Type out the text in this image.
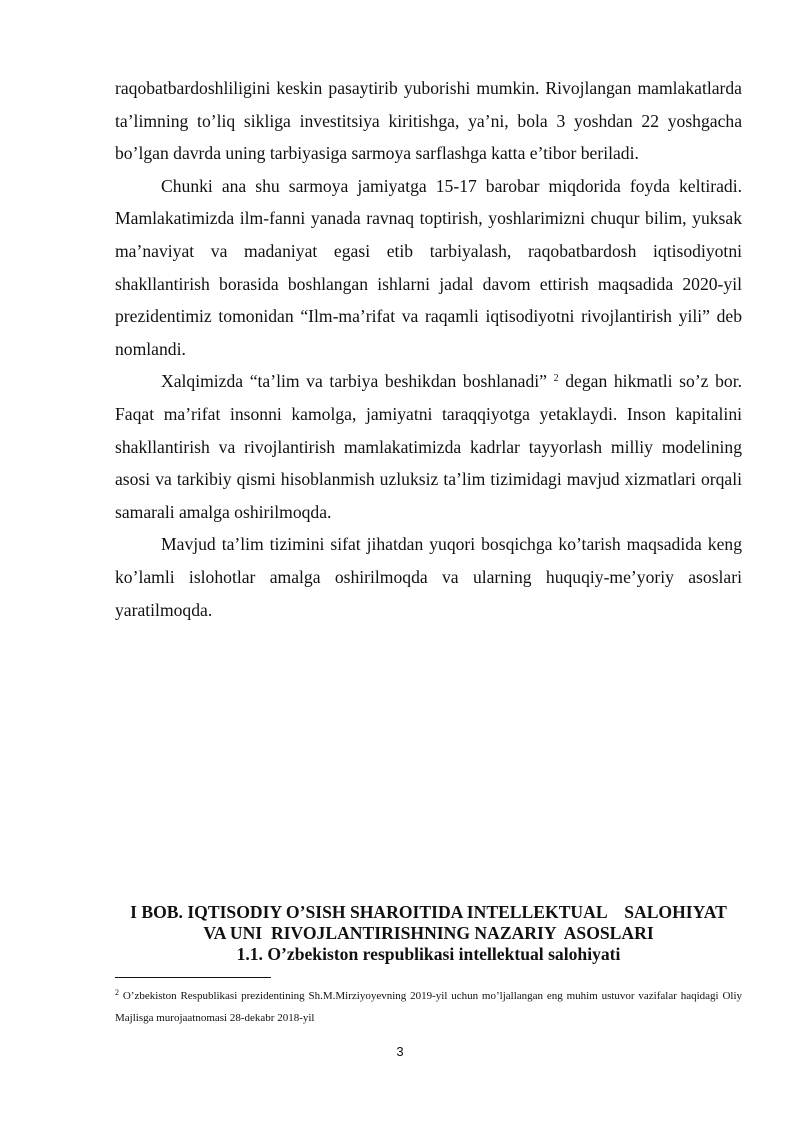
raqobatbardoshliligini keskin pasaytirib yuborishi mumkin. Rivojlangan mamlakatlarda ta’limning to’liq sikliga investitsiya kiritishga, ya’ni, bola 3 yoshdan 22 yoshgacha bo’lgan davrda uning tarbiyasiga sarmoya sarflashga katta e’tibor beriladi.

Chunki ana shu sarmoya jamiyatga 15-17 barobar miqdorida foyda keltiradi. Mamlakatimizda ilm-fanni yanada ravnaq toptirish, yoshlarimizni chuqur bilim, yuksak ma’naviyat va madaniyat egasi etib tarbiyalash, raqobatbardosh iqtisodiyotni shakllantirish borasida boshlangan ishlarni jadal davom ettirish maqsadida 2020-yil prezidentimiz tomonidan “Ilm-ma’rifat va raqamli iqtisodiyotni rivojlantirish yili” deb nomlandi.

Xalqimizda “ta’lim va tarbiya beshikdan boshlanadi” $^2$ degan hikmatli so’z bor. Faqat ma’rifat insonni kamolga, jamiyatni taraqqiyotga yetaklaydi. Inson kapitalini shakllantirish va rivojlantirish mamlakatimizda kadrlar tayyorlash milliy modelining asosi va tarkibiy qismi hisoblanmish uzluksiz ta’lim tizimidagi mavjud xizmatlari orqali samarali amalga oshirilmoqda.

Mavjud ta’lim tizimini sifat jihatdan yuqori bosqichga ko’tarish maqsadida keng ko’lamli islohotlar amalga oshirilmoqda va ularning huquqiy-me’yoriy asoslari yaratilmoqda.

I BOB. IQTISODIY O’SISH SHAROITIDA INTELLEKTUAL    SALOHIYAT
VA UNI  RIVOJLANTIRISHNING NAZARIY  ASOSLARI
1.1. O’zbekiston respublikasi intellektual salohiyati
$^2$ O’zbekiston Respublikasi prezidentining Sh.M.Mirziyoyevning 2019-yil uchun mo’ljallangan eng muhim ustuvor vazifalar haqidagi Oliy Majlisga murojaatnomasi 28-dekabr 2018-yil
3
